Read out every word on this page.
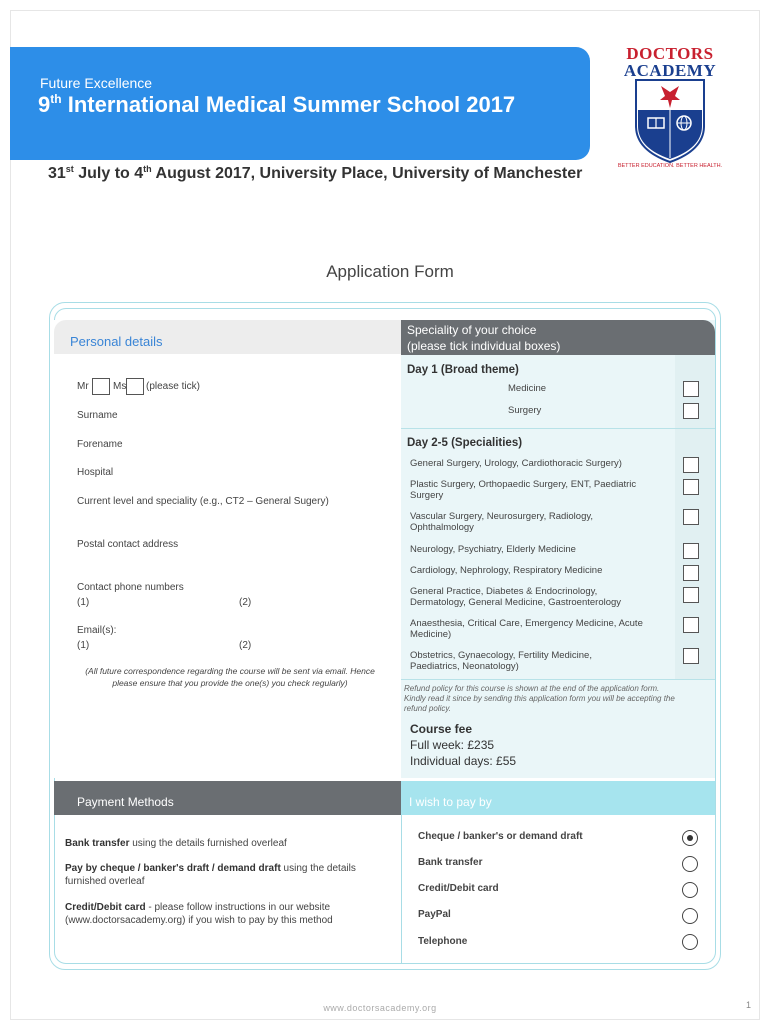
Future Excellence
9th International Medical Summer School 2017
31st July to 4th August 2017, University Place, University of Manchester
DOCTORS
ACADEMY
BETTER EDUCATION. BETTER HEALTH.
Application Form
Personal details
Mr Ms (please tick)
Surname
Forename
Hospital
Current level and speciality (e.g., CT2 – General Sugery)
Postal contact address
Contact phone numbers
(1)	(2)
Email(s):
(1)	(2)
(All future correspondence regarding the course will be sent via email. Hence
please ensure that you provide the one(s) you check regularly)
Speciality of your choice
(please tick individual boxes)
Day 1 (Broad theme)
Medicine
Surgery
Day 2-5 (Specialities)
General Surgery, Urology, Cardiothoracic Surgery)
Plastic Surgery, Orthopaedic Surgery, ENT, Paediatric
Surgery
Vascular Surgery, Neurosurgery, Radiology,
Ophthalmology
Neurology, Psychiatry, Elderly Medicine
Cardiology, Nephrology, Respiratory Medicine
General Practice, Diabetes & Endocrinology,
Dermatology, General Medicine, Gastroenterology
Anaesthesia, Critical Care, Emergency Medicine, Acute
Medicine)
Obstetrics, Gynaecology, Fertility Medicine,
Paediatrics, Neonatology)
Refund policy for this course is shown at the end of the application form.
Kindly read it since by sending this application form you will be accepting the
refund policy.
Course fee
Full week: £235
Individual days: £55
Payment Methods	I wish to pay by
Bank transfer using the details furnished overleaf
Pay by cheque / banker's draft / demand draft using the details
furnished overleaf
Credit/Debit card - please follow instructions in our website
(www.doctorsacademy.org) if you wish to pay by this method
Cheque / banker's or demand draft
Bank transfer
Credit/Debit card
PayPal
Telephone
www.doctorsacademy.org	1
